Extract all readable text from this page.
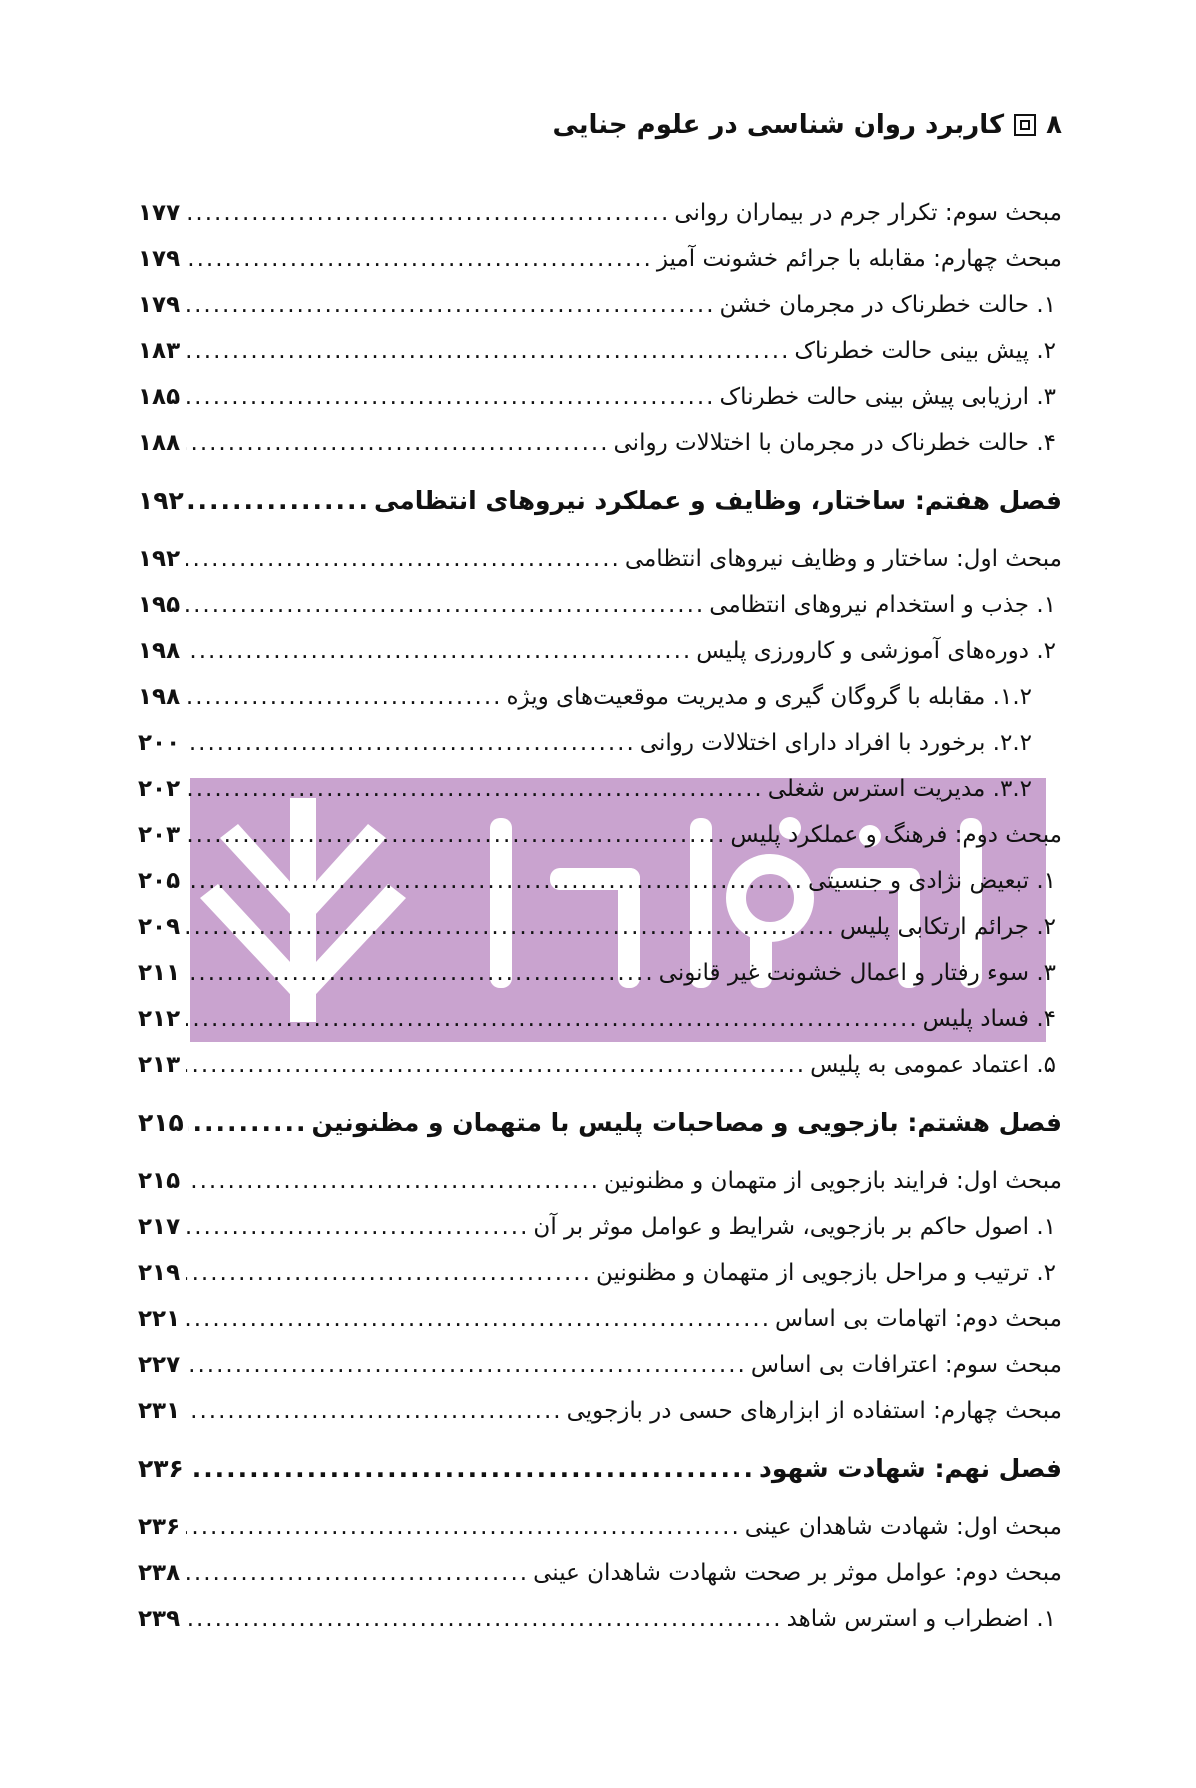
۸
کاربرد روان شناسی در علوم جنایی
مبحث سوم: تکرار جرم در بیماران روانی
.....
۱۷۷
مبحث چهارم: مقابله با جرائم خشونت آمیز
.....
۱۷۹
۱. حالت خطرناک در مجرمان خشن
.....
۱۷۹
۲. پیش بینی حالت خطرناک
.....
۱۸۳
۳. ارزیابی پیش بینی حالت خطرناک
.....
۱۸۵
۴. حالت خطرناک در مجرمان با اختلالات روانی
.....
۱۸۸
فصل هفتم: ساختار، وظایف و عملکرد نیروهای انتظامی
.....
۱۹۲
مبحث اول: ساختار و وظایف نیروهای انتظامی
.....
۱۹۲
۱. جذب و استخدام نیروهای انتظامی
.....
۱۹۵
۲. دوره‌های آموزشی و کارورزی پلیس
.....
۱۹۸
۱.۲. مقابله با گروگان گیری و مدیریت موقعیت‌های ویژه
.....
۱۹۸
۲.۲. برخورد با افراد دارای اختلالات روانی
.....
۲۰۰
۳.۲. مدیریت استرس شغلی
.....
۲۰۲
مبحث دوم: فرهنگ و عملکرد پلیس
.....
۲۰۳
۱. تبعیض نژادی و جنسیتی
.....
۲۰۵
۲. جرائم ارتکابی پلیس
.....
۲۰۹
۳. سوء رفتار و اعمال خشونت غیر قانونی
.....
۲۱۱
۴. فساد پلیس
.....
۲۱۲
۵. اعتماد عمومی به پلیس
.....
۲۱۳
فصل هشتم: بازجویی و مصاحبات پلیس با متهمان و مظنونین
.....
۲۱۵
مبحث اول: فرایند بازجویی از متهمان و مظنونین
.....
۲۱۵
۱. اصول حاکم بر بازجویی، شرایط و عوامل موثر بر آن
.....
۲۱۷
۲. ترتیب و مراحل بازجویی از متهمان و مظنونین
.....
۲۱۹
مبحث دوم: اتهامات بی اساس
.....
۲۲۱
مبحث سوم: اعترافات بی اساس
.....
۲۲۷
مبحث چهارم: استفاده از ابزارهای حسی در بازجویی
.....
۲۳۱
فصل نهم: شهادت شهود
.....
۲۳۶
مبحث اول: شهادت شاهدان عینی
.....
۲۳۶
مبحث دوم: عوامل موثر بر صحت شهادت شاهدان عینی
.....
۲۳۸
۱. اضطراب و استرس شاهد
.....
۲۳۹
